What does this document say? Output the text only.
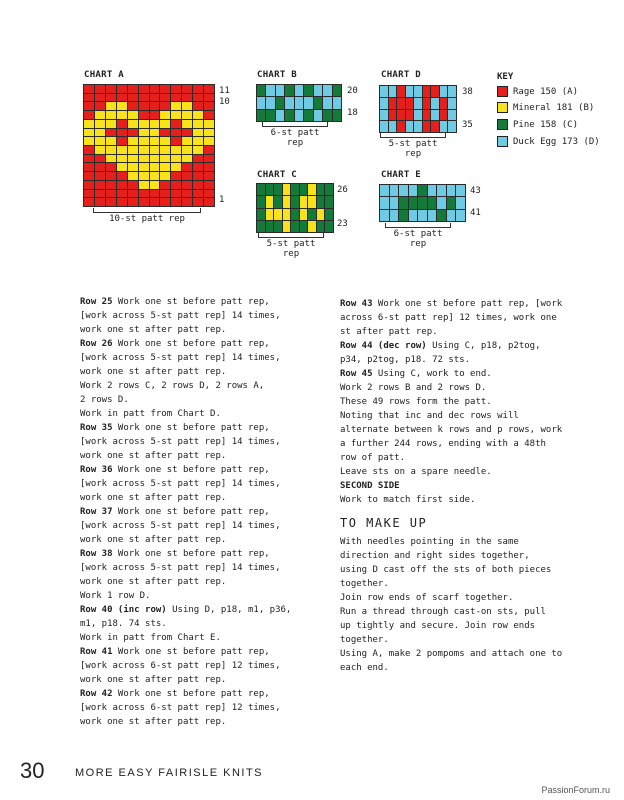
CHART A
11
10
1
10-st patt rep
CHART B
20
18
6-st patt rep
CHART C
26
23
5-st patt rep
CHART D
38
35
5-st patt rep
CHART E
43
41
6-st patt rep
KEY
Rage 150 (A)
Mineral 181 (B)
Pine 158 (C)
Duck Egg 173 (D)

Row 25 Work one st before patt rep,

[work across 5-st patt rep] 14 times,

work one st after patt rep.

Row 26 Work one st before patt rep,

[work across 5-st patt rep] 14 times,

work one st after patt rep.

Work 2 rows C, 2 rows D, 2 rows A,

2 rows D.

Work in patt from Chart D.

Row 35 Work one st before patt rep,

[work across 5-st patt rep] 14 times,

work one st after patt rep.

Row 36 Work one st before patt rep,

[work across 5-st patt rep] 14 times,

work one st after patt rep.

Row 37 Work one st before patt rep,

[work across 5-st patt rep] 14 times,

work one st after patt rep.

Row 38 Work one st before patt rep,

[work across 5-st patt rep] 14 times,

work one st after patt rep.

Work 1 row D.

Row 40 (inc row) Using D, p18, m1, p36,

m1, p18. 74 sts.

Work in patt from Chart E.

Row 41 Work one st before patt rep,

[work across 6-st patt rep] 12 times,

work one st after patt rep.

Row 42 Work one st before patt rep,

[work across 6-st patt rep] 12 times,

work one st after patt rep.

Row 43 Work one st before patt rep, [work

across 6-st patt rep] 12 times, work one

st after patt rep.

Row 44 (dec row) Using C, p18, p2tog,

p34, p2tog, p18. 72 sts.

Row 45 Using C, work to end.

Work 2 rows B and 2 rows D.

These 49 rows form the patt.

Noting that inc and dec rows will

alternate between k rows and p rows, work

a further 244 rows, ending with a 48th

row of patt.

Leave sts on a spare needle.

SECOND SIDE

Work to match first side.

TO MAKE UP

With needles pointing in the same

direction and right sides together,

using D cast off the sts of both pieces

together.

Join row ends of scarf together.

Run a thread through cast-on sts, pull

up tightly and secure. Join row ends

together.

Using A, make 2 pompoms and attach one to

each end.

30	MORE EASY FAIRISLE KNITS
PassionForum.ru
